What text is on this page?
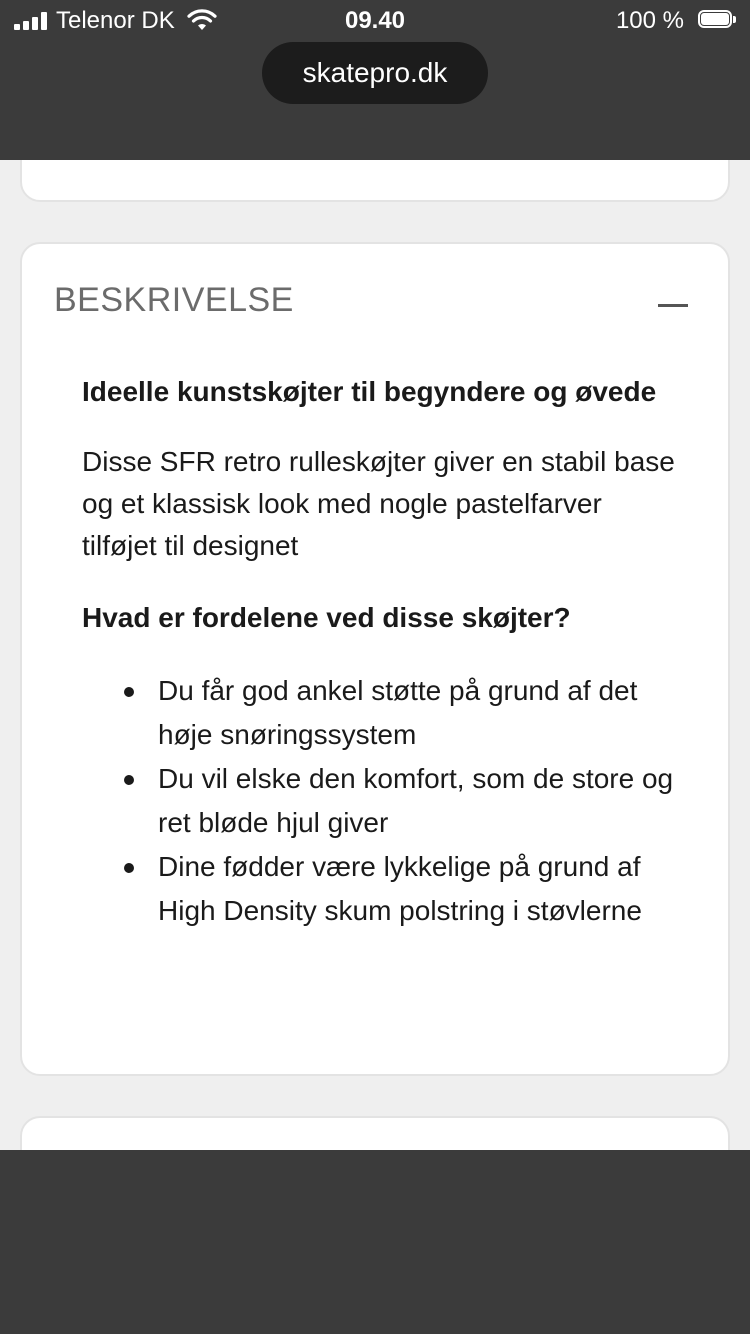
Telenor DK	09.40	100 %
skatepro.dk
BESKRIVELSE
Ideelle kunstskøjter til begyndere og øvede
Disse SFR retro rulleskøjter giver en stabil base og et klassisk look med nogle pastelfarver tilføjet til designet
Hvad er fordelene ved disse skøjter?
Du får god ankel støtte på grund af det høje snøringssystem
Du vil elske den komfort, som de store og ret bløde hjul giver
Dine fødder være lykkelige på grund af High Density skum polstring i støvlerne
